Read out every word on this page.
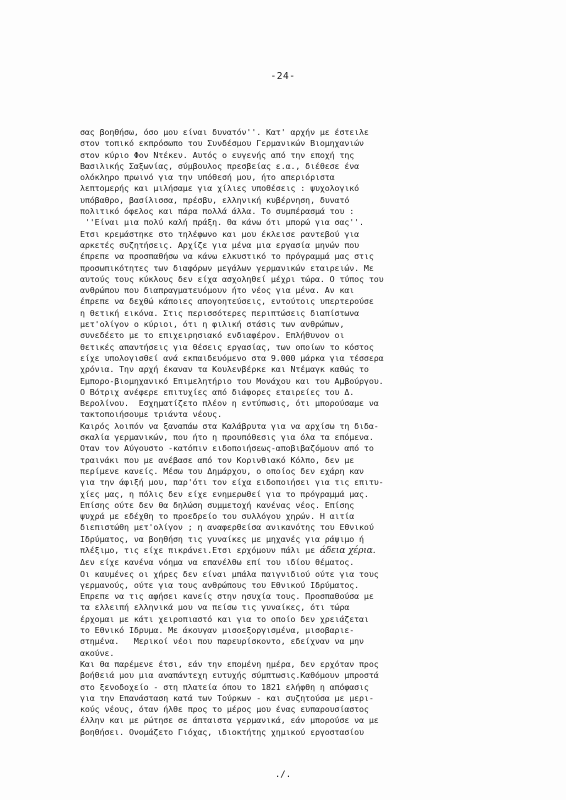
-24-
σας βοηθήσω, όσο μου είναι δυνατόν''. Κατ' αρχήν με έστειλε
στον τοπικό εκπρόσωπο του Συνδέσμου Γερμανικών Βιομηχανιών
στον κύριο Φον Ντέκεν. Αυτός ο ευγενής από την εποχή της
Βασιλικής Σαξωνίας, σύμβουλος πρεσβείας ε.α., διέθεσε ένα
ολόκληρο πρωινό για την υπόθεσή μου, ήτο απεριόριστα
λεπτομερής και μιλήσαμε για χίλιες υποθέσεις : ψυχολογικό
υπόβαθρο, βασίλισσα, πρέσβυ, ελληνική κυβέρνηση, δυνατό
πολιτικό όφελος και πάρα πολλά άλλα. Το συμπέρασμά του :
''Είναι μια πολύ καλή πράξη. Θα κάνω ότι μπορώ για σας''.
Ετσι κρεμάστηκε στο τηλέφωνο και μου έκλεισε ραντεβού για
αρκετές συζητήσεις. Αρχίζε για μένα μια εργασία μηνών που
έπρεπε να προσπαθήσω να κάνω ελκυστικό το πρόγραμμά μας στις
προσωπικότητες των διαφόρων μεγάλων γερμανικών εταιρειών. Με
αυτούς τους κύκλους δεν είχα ασχοληθεί μέχρι τώρα. Ο τύπος του
ανθρώπου που διαπραγματευόμουν ήτο νέος για μένα. Αν και
έπρεπε να δεχθώ κάποιες απογοητεύσεις, εντούτοις υπερτερούσε
η θετική εικόνα. Στις περισσότερες περιπτώσεις διαπίστωνα
μετ'ολίγον ο κύριοι, ότι η φιλική στάσις των ανθρώπων,
συνεδέετο με το επιχειρησιακό ενδιαφέρον. Επλήθυνον οι
θετικές απαντήσεις για θέσεις εργασίας, των οποίων το κόστος
είχε υπολογισθεί ανά εκπαιδευόμενο στα 9.000 μάρκα για τέσσερα
χρόνια. Την αρχή έκαναν τα Κουλενβέρκε και Ντέμαγκ καθώς το
Εμπορο-βιομηχανικό Επιμελητήριο του Μονάχου και του Αμβούργου.
Ο Βότριχ ανέφερε επιτυχίες από διάφορες εταιρείες του Δ.
Βερολίνου.  Εσχηματίζετο πλέον η εντύπωσις, ότι μπορούσαμε να
τακτοποιήσουμε τριάντα νέους.
Καιρός λοιπόν να ξαναπάω στα Καλάβρυτα για να αρχίσω τη διδα-
σκαλία γερμανικών, που ήτο η προυπόθεσις για όλα τα επόμενα.
Οταν τον Αύγουστο -κατόπιν ειδοποιήσεως-αποβιβαζόμουν από το
τραινάκι που με ανέβασε από τον Κορινθιακό Κόλπο, δεν με
περίμενε κανείς. Μέσω του Δημάρχου, ο οποίος δεν εχάρη καν
για την άφιξή μου, παρ'ότι τον είχα ειδοποιήσει για τις επιτυ-
χίες μας, η πόλις δεν είχε ενημερωθεί για το πρόγραμμά μας.
Επίσης ούτε δεν θα δηλώση συμμετοχή κανένας νέος. Επίσης
ψυχρά με εδέχθη το προεδρείο του συλλόγου χηρών. Η αιτία
διεπιστώθη μετ'ολίγον ; η αναφερθείσα ανικανότης του Εθνικού
Ιδρύματος, να βοηθήση τις γυναίκες με μηχανές για ράψιμο ή
πλέξιμο, τις είχε πικράνει.Ετσι ερχόμουν πάλι με άδεια χέρια.
Δεν είχε κανένα νόημα να επανέλθω επί του ιδίου θέματος.
Οι καυμένες οι χήρες δεν είναι μπάλα παιγνιδιού ούτε για τους
γερμανούς, ούτε για τους ανθρώπους του Εθνικού Ιδρύματος.
Επρεπε να τις αφήσει κανείς στην ησυχία τους. Προσπαθούσα με
τα ελλειπή ελληνικά μου να πείσω τις γυναίκες, ότι τώρα
έρχομαι με κάτι χειροπιαστό και για το οποίο δεν χρειάζεται
το Εθνικό Ιδρυμα. Με άκουγαν μισοεξοργισμένα, μισοβαριε-
στημένα.   Μερικοί νέοι που παρευρίσκοντο, εδείχναν να μην
ακούνε.
Και θα παρέμενε έτσι, εάν την επομένη ημέρα, δεν ερχόταν προς
βοήθειά μου μια αναπάντεχη ευτυχής σύμπτωσις.Καθόμουν μπροστά
στο ξενοδοχείο - στη πλατεία όπου το 1821 ελήφθη η απόφασις
για την Επανάσταση κατά των Τούρκων - και συζητούσα με μερι-
κούς νέους, όταν ήλθε προς το μέρος μου ένας ευπαρουσίαστος
έλλην και με ρώτησε σε άπταιστα γερμανικά, εάν μπορούσε να με
βοηθήσει. Ονομάζετο Γιόχας, ιδιοκτήτης χημικού εργοστασίου
./.
